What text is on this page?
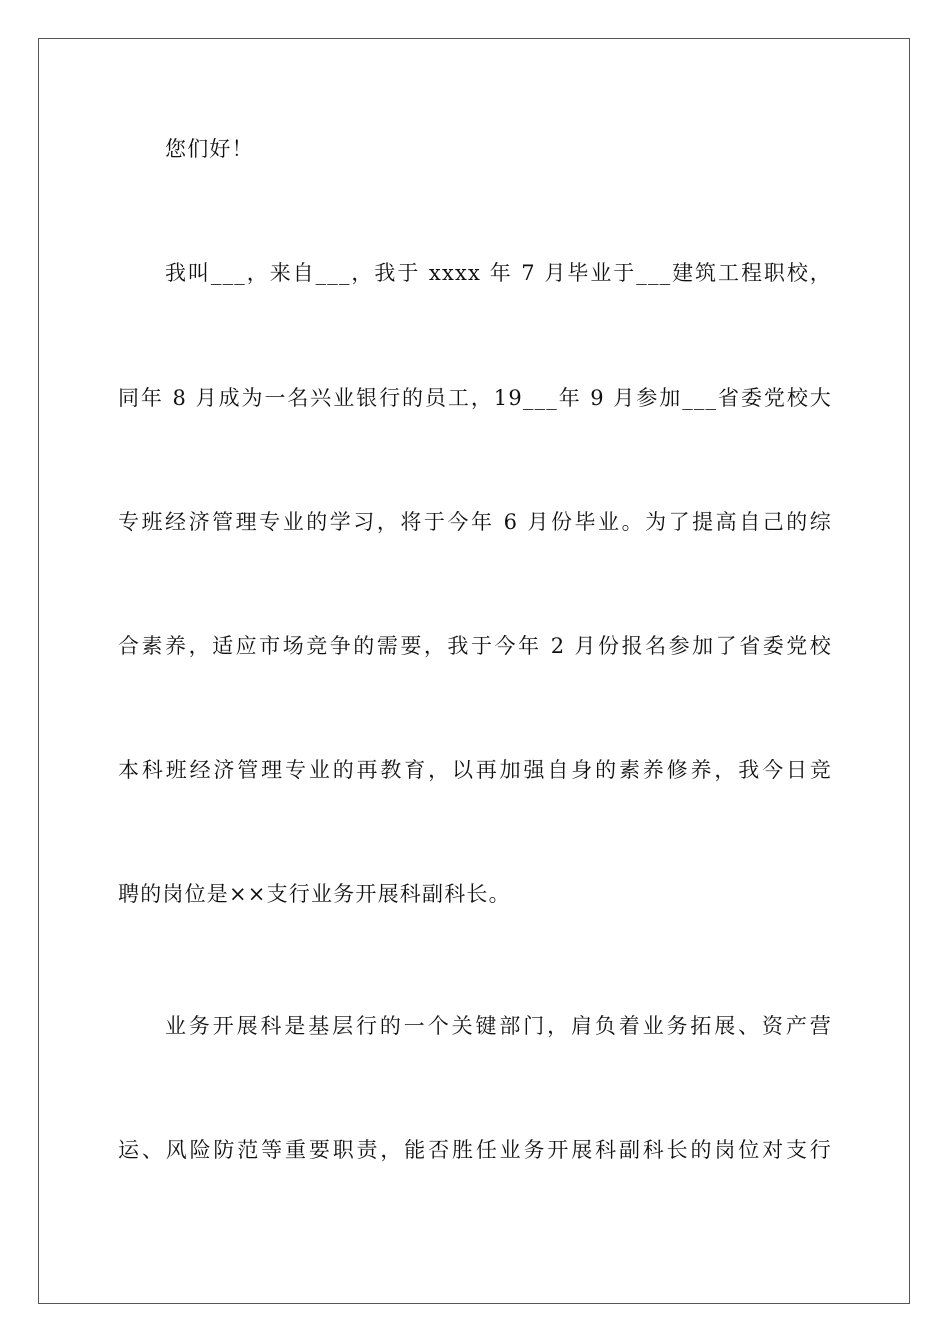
您们好！
我叫___，来自___，我于 xxxx 年 7 月毕业于___建筑工程职校，
同年 8 月成为一名兴业银行的员工，19___年 9 月参加___省委党校大
专班经济管理专业的学习，将于今年 6 月份毕业。为了提高自己的综
合素养，适应市场竞争的需要，我于今年 2 月份报名参加了省委党校
本科班经济管理专业的再教育，以再加强自身的素养修养，我今日竞
聘的岗位是××支行业务开展科副科长。
业务开展科是基层行的一个关键部门，肩负着业务拓展、资产营
运、风险防范等重要职责，能否胜任业务开展科副科长的岗位对支行
